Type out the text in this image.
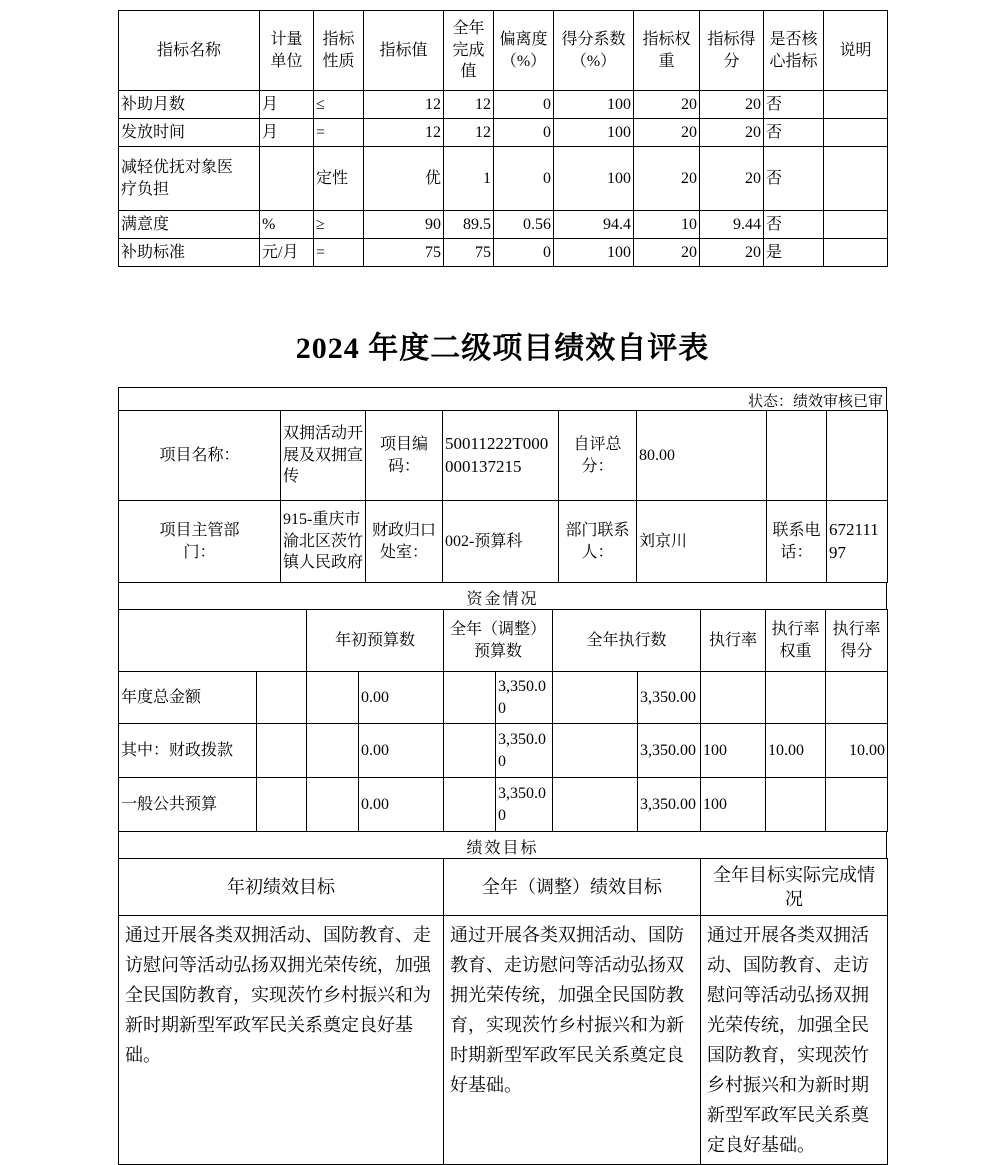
指标名称	计量单位	指标性质	指标值	全年完成值	偏离度（%）	得分系数（%）	指标权重	指标得分	是否核心指标	说明
补助月数	月	≤	12	12	0	100	20	20	否	
发放时间	月	=	12	12	0	100	20	20	否	
减轻优抚对象医疗负担		定性	优	1	0	100	20	20	否	
满意度	%	≥	90	89.5	0.56	94.4	10	9.44	否	
补助标准	元/月	=	75	75	0	100	20	20	是	
2024 年度二级项目绩效自评表
状态：绩效审核已审
项目名称：	双拥活动开展及双拥宣传	项目编码：	50011222T000000137215	自评总分：	80.00		
项目主管部门：	915-重庆市渝北区茨竹镇人民政府	财政归口处室：	002-预算科	部门联系人：	刘京川	联系电话：	67211197
资金情况
		年初预算数		全年（调整）预算数		全年执行数		执行率	执行率权重	执行率得分
年度总金额			0.00		3,350.00		3,350.00			
其中：财政拨款			0.00		3,350.00		3,350.00	100	10.00	10.00
一般公共预算			0.00		3,350.00		3,350.00	100		
绩效目标
年初绩效目标	全年（调整）绩效目标	全年目标实际完成情况
通过开展各类双拥活动、国防教育、走访慰问等活动弘扬双拥光荣传统，加强全民国防教育，实现茨竹乡村振兴和为新时期新型军政军民关系奠定良好基础。	通过开展各类双拥活动、国防教育、走访慰问等活动弘扬双拥光荣传统，加强全民国防教育，实现茨竹乡村振兴和为新时期新型军政军民关系奠定良好基础。	通过开展各类双拥活动、国防教育、走访慰问等活动弘扬双拥光荣传统，加强全民国防教育，实现茨竹乡村振兴和为新时期新型军政军民关系奠定良好基础。
